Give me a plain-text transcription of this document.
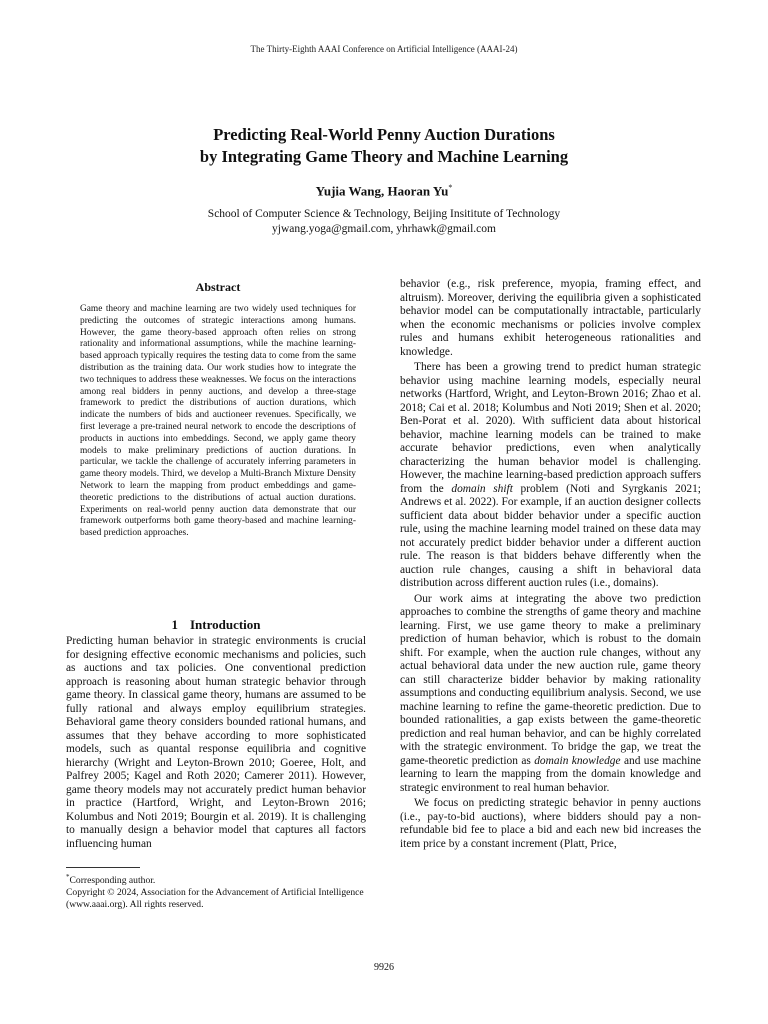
The Thirty-Eighth AAAI Conference on Artificial Intelligence (AAAI-24)
Predicting Real-World Penny Auction Durations
by Integrating Game Theory and Machine Learning
Yujia Wang, Haoran Yu*
School of Computer Science & Technology, Beijing Insititute of Technology
yjwang.yoga@gmail.com, yhrhawk@gmail.com
Abstract
Game theory and machine learning are two widely used techniques for predicting the outcomes of strategic interactions among humans. However, the game theory-based approach often relies on strong rationality and informational assumptions, while the machine learning-based approach typically requires the testing data to come from the same distribution as the training data. Our work studies how to integrate the two techniques to address these weaknesses. We focus on the interactions among real bidders in penny auctions, and develop a three-stage framework to predict the distributions of auction durations, which indicate the numbers of bids and auctioneer revenues. Specifically, we first leverage a pre-trained neural network to encode the descriptions of products in auctions into embeddings. Second, we apply game theory models to make preliminary predictions of auction durations. In particular, we tackle the challenge of accurately inferring parameters in game theory models. Third, we develop a Multi-Branch Mixture Density Network to learn the mapping from product embeddings and game-theoretic predictions to the distributions of actual auction durations. Experiments on real-world penny auction data demonstrate that our framework outperforms both game theory-based and machine learning-based prediction approaches.
1 Introduction

Predicting human behavior in strategic environments is crucial for designing effective economic mechanisms and policies, such as auctions and tax policies. One conventional prediction approach is reasoning about human strategic behavior through game theory. In classical game theory, humans are assumed to be fully rational and always employ equilibrium strategies. Behavioral game theory considers bounded rational humans, and assumes that they behave according to more sophisticated models, such as quantal response equilibria and cognitive hierarchy (Wright and Leyton-Brown 2010; Goeree, Holt, and Palfrey 2005; Kagel and Roth 2020; Camerer 2011). However, game theory models may not accurately predict human behavior in practice (Hartford, Wright, and Leyton-Brown 2016; Kolumbus and Noti 2019; Bourgin et al. 2019). It is challenging to manually design a behavior model that captures all factors influencing human

behavior (e.g., risk preference, myopia, framing effect, and altruism). Moreover, deriving the equilibria given a sophisticated behavior model can be computationally intractable, particularly when the economic mechanisms or policies involve complex rules and humans exhibit heterogeneous rationalities and knowledge.

There has been a growing trend to predict human strategic behavior using machine learning models, especially neural networks (Hartford, Wright, and Leyton-Brown 2016; Zhao et al. 2018; Cai et al. 2018; Kolumbus and Noti 2019; Shen et al. 2020; Ben-Porat et al. 2020). With sufficient data about historical behavior, machine learning models can be trained to make accurate behavior predictions, even when analytically characterizing the human behavior model is challenging. However, the machine learning-based prediction approach suffers from the domain shift problem (Noti and Syrgkanis 2021; Andrews et al. 2022). For example, if an auction designer collects sufficient data about bidder behavior under a specific auction rule, using the machine learning model trained on these data may not accurately predict bidder behavior under a different auction rule. The reason is that bidders behave differently when the auction rule changes, causing a shift in behavioral data distribution across different auction rules (i.e., domains).

Our work aims at integrating the above two prediction approaches to combine the strengths of game theory and machine learning. First, we use game theory to make a preliminary prediction of human behavior, which is robust to the domain shift. For example, when the auction rule changes, without any actual behavioral data under the new auction rule, game theory can still characterize bidder behavior by making rationality assumptions and conducting equilibrium analysis. Second, we use machine learning to refine the game-theoretic prediction. Due to bounded rationalities, a gap exists between the game-theoretic prediction and real human behavior, and can be highly correlated with the strategic environment. To bridge the gap, we treat the game-theoretic prediction as domain knowledge and use machine learning to learn the mapping from the domain knowledge and strategic environment to real human behavior.

We focus on predicting strategic behavior in penny auctions (i.e., pay-to-bid auctions), where bidders should pay a non-refundable bid fee to place a bid and each new bid increases the item price by a constant increment (Platt, Price,

*Corresponding author.
Copyright © 2024, Association for the Advancement of Artificial Intelligence (www.aaai.org). All rights reserved.
9926
